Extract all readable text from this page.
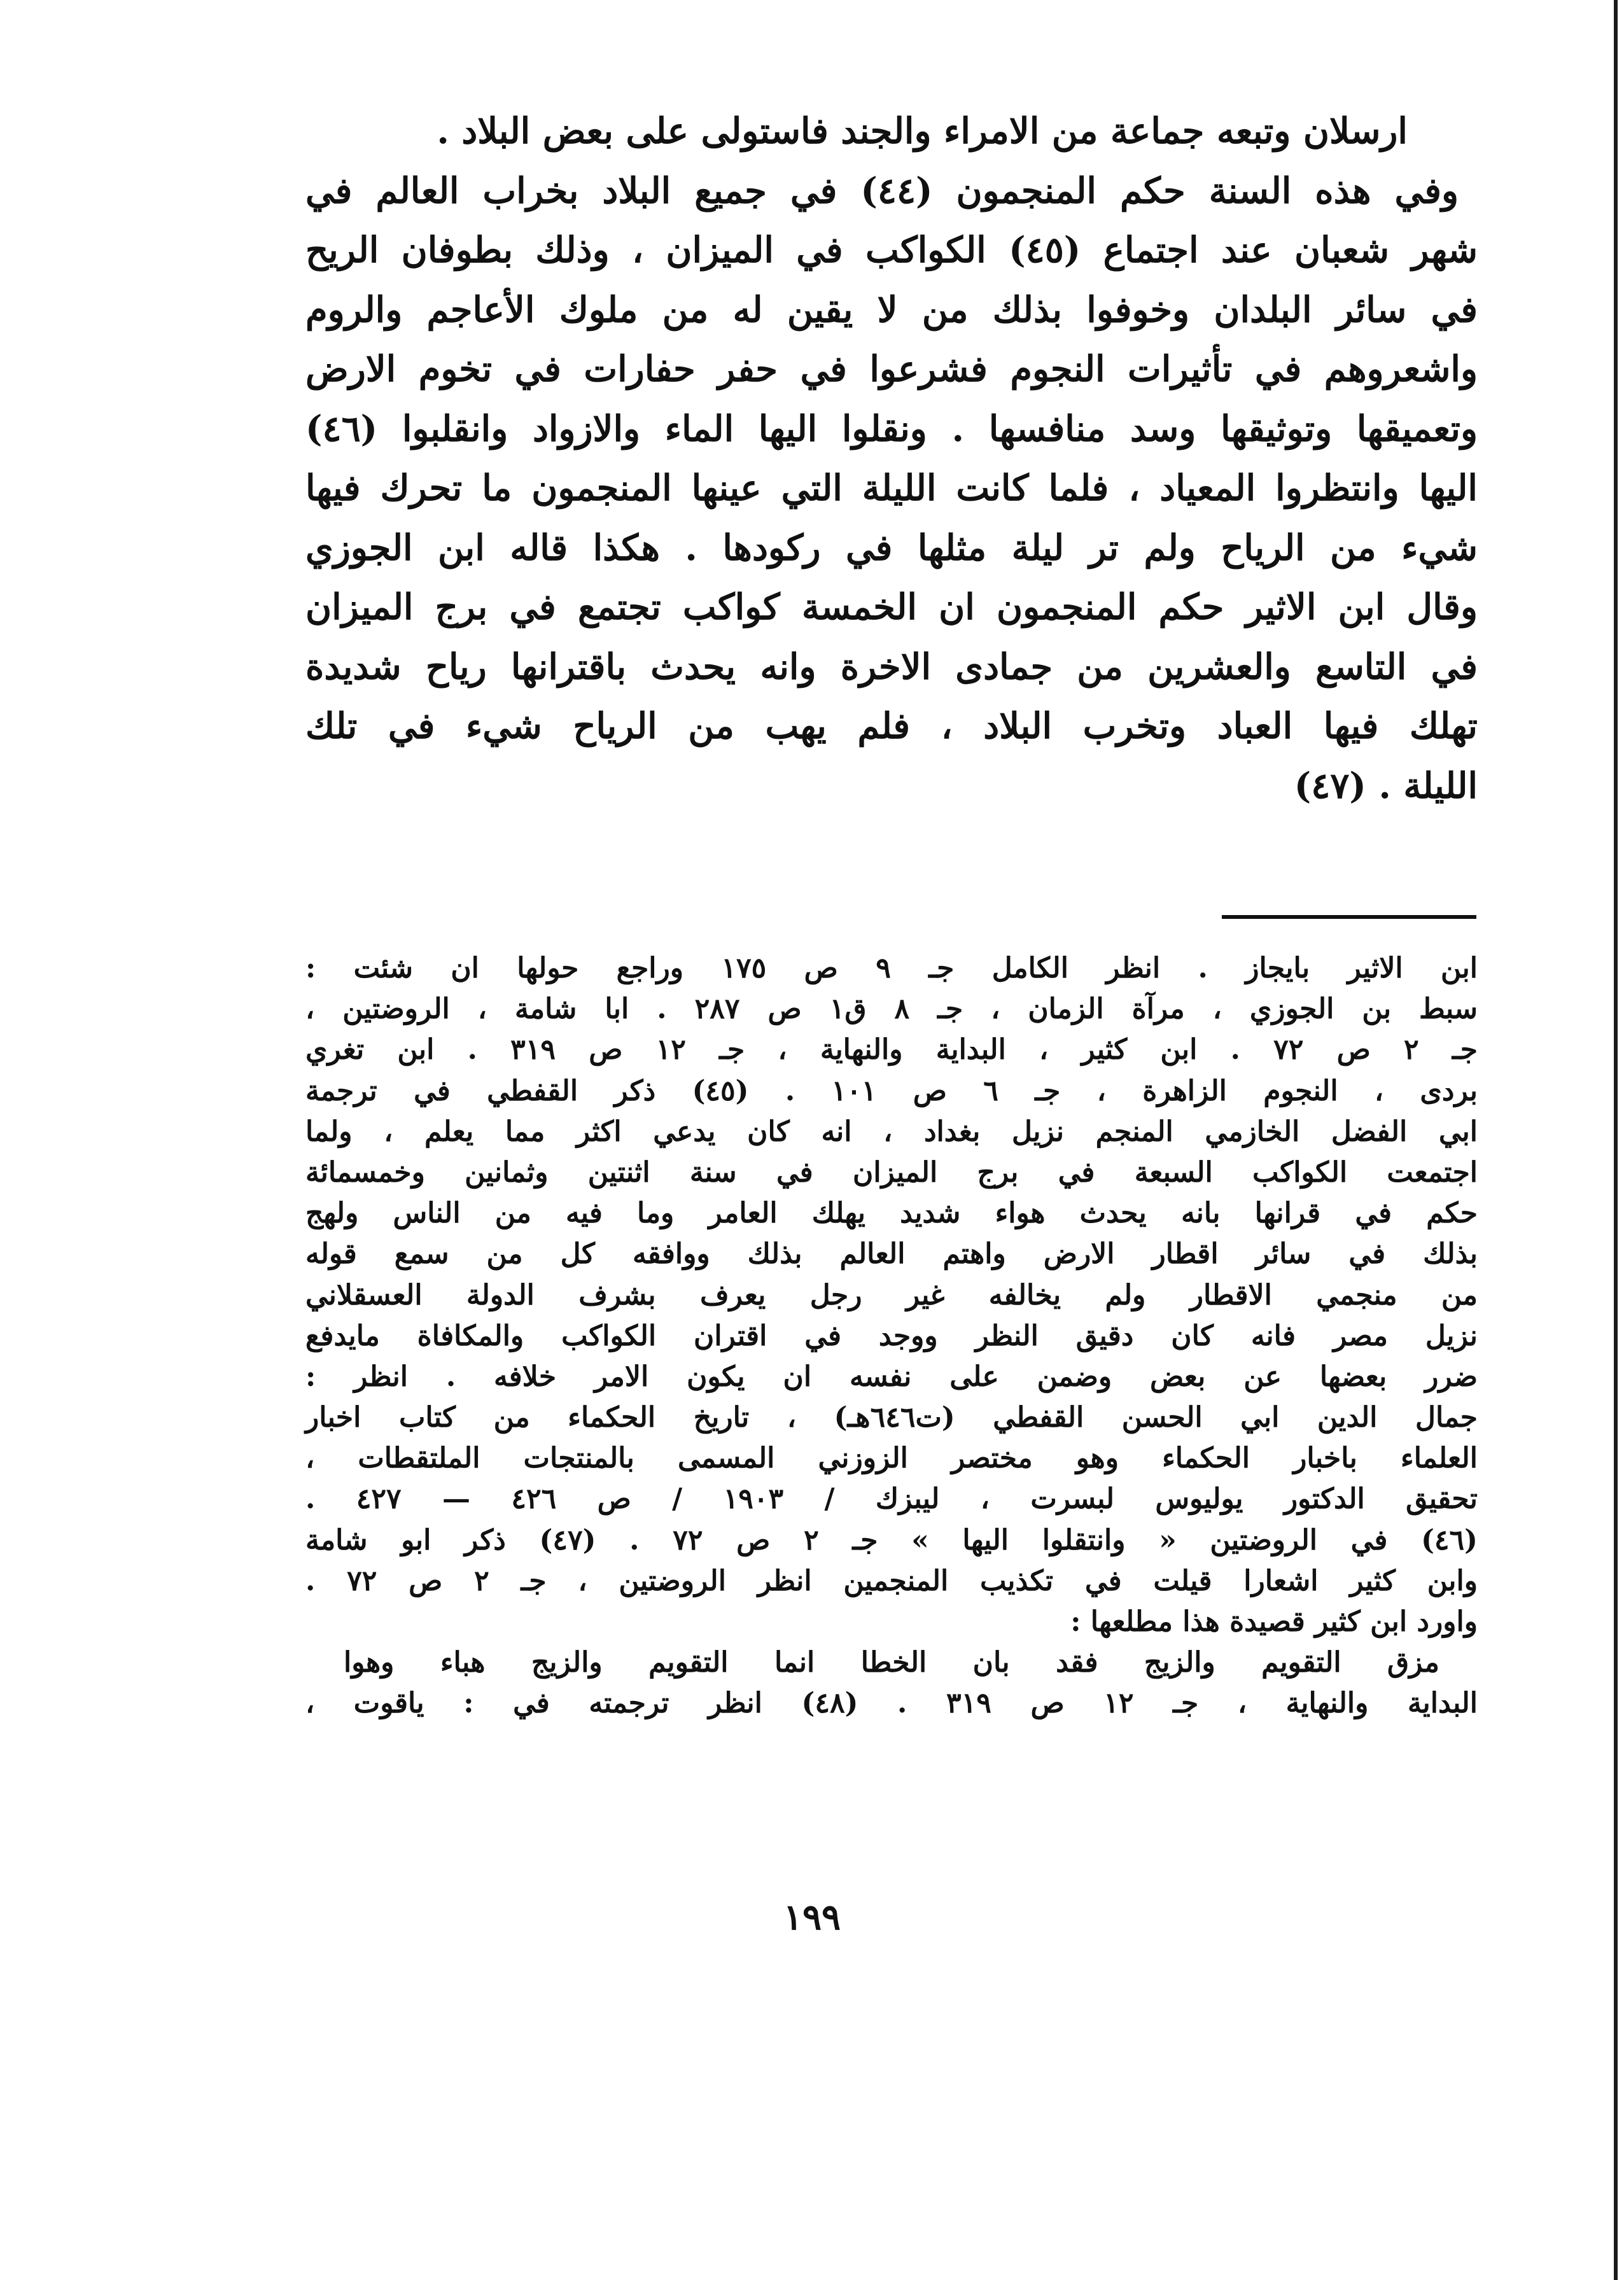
ارسلان وتبعه جماعة من الامراء والجند فاستولى على بعض البلاد .
وفي هذه السنة حكم المنجمون (٤٤) في جميع البلاد بخراب العالم في
شهر شعبان عند اجتماع (٤٥) الكواكب في الميزان ، وذلك بطوفان الريح
في سائر البلدان وخوفوا بذلك من لا يقين له من ملوك الأعاجم والروم
واشعروهم في تأثيرات النجوم فشرعوا في حفر حفارات في تخوم الارض
وتعميقها وتوثيقها وسد منافسها . ونقلوا اليها الماء والازواد وانقلبوا (٤٦)
اليها وانتظروا المعياد ، فلما كانت الليلة التي عينها المنجمون ما تحرك فيها
شيء من الرياح ولم تر ليلة مثلها في ركودها . هكذا قاله ابن الجوزي
وقال ابن الاثير حكم المنجمون ان الخمسة كواكب تجتمع في برج الميزان
في التاسع والعشرين من جمادى الاخرة وانه يحدث باقترانها رياح شديدة
تهلك فيها العباد وتخرب البلاد ، فلم يهب من الرياح شيء في تلك
الليلة . (٤٧)
ابن الاثير بايجاز . انظر الكامل جـ ٩ ص ١٧٥ وراجع حولها ان شئت :
سبط بن الجوزي ، مرآة الزمان ، جـ ٨ ق١ ص ٢٨٧ . ابا شامة ، الروضتين ،
جـ ٢ ص ٧٢ . ابن كثير ، البداية والنهاية ، جـ ١٢ ص ٣١٩ . ابن تغري
بردى ، النجوم الزاهرة ، جـ ٦ ص ١٠١ . (٤٥) ذكر القفطي في ترجمة
ابي الفضل الخازمي المنجم نزيل بغداد ، انه كان يدعي اكثر مما يعلم ، ولما
اجتمعت الكواكب السبعة في برج الميزان في سنة اثنتين وثمانين وخمسمائة
حكم في قرانها بانه يحدث هواء شديد يهلك العامر وما فيه من الناس ولهج
بذلك في سائر اقطار الارض واهتم العالم بذلك ووافقه كل من سمع قوله
من منجمي الاقطار ولم يخالفه غير رجل يعرف بشرف الدولة العسقلاني
نزيل مصر فانه كان دقيق النظر ووجد في اقتران الكواكب والمكافاة مايدفع
ضرر بعضها عن بعض وضمن على نفسه ان يكون الامر خلافه . انظر :
جمال الدين ابي الحسن القفطي (ت٦٤٦هـ) ، تاريخ الحكماء من كتاب اخبار
العلماء باخبار الحكماء وهو مختصر الزوزني المسمى بالمنتجات الملتقطات ،
تحقيق الدكتور يوليوس لبسرت ، ليبزك / ١٩٠٣ / ص ٤٢٦ — ٤٢٧ .
(٤٦) في الروضتين « وانتقلوا اليها » جـ ٢ ص ٧٢ . (٤٧) ذكر ابو شامة
وابن كثير اشعارا قيلت في تكذيب المنجمين انظر الروضتين ، جـ ٢ ص ٧٢ .
واورد ابن كثير قصيدة هذا مطلعها :
مزق التقويم والزيج فقد بان الخطا انما التقويم والزيج هباء وهوا
البداية والنهاية ، جـ ١٢ ص ٣١٩ . (٤٨) انظر ترجمته في : ياقوت ،
١٩٩
